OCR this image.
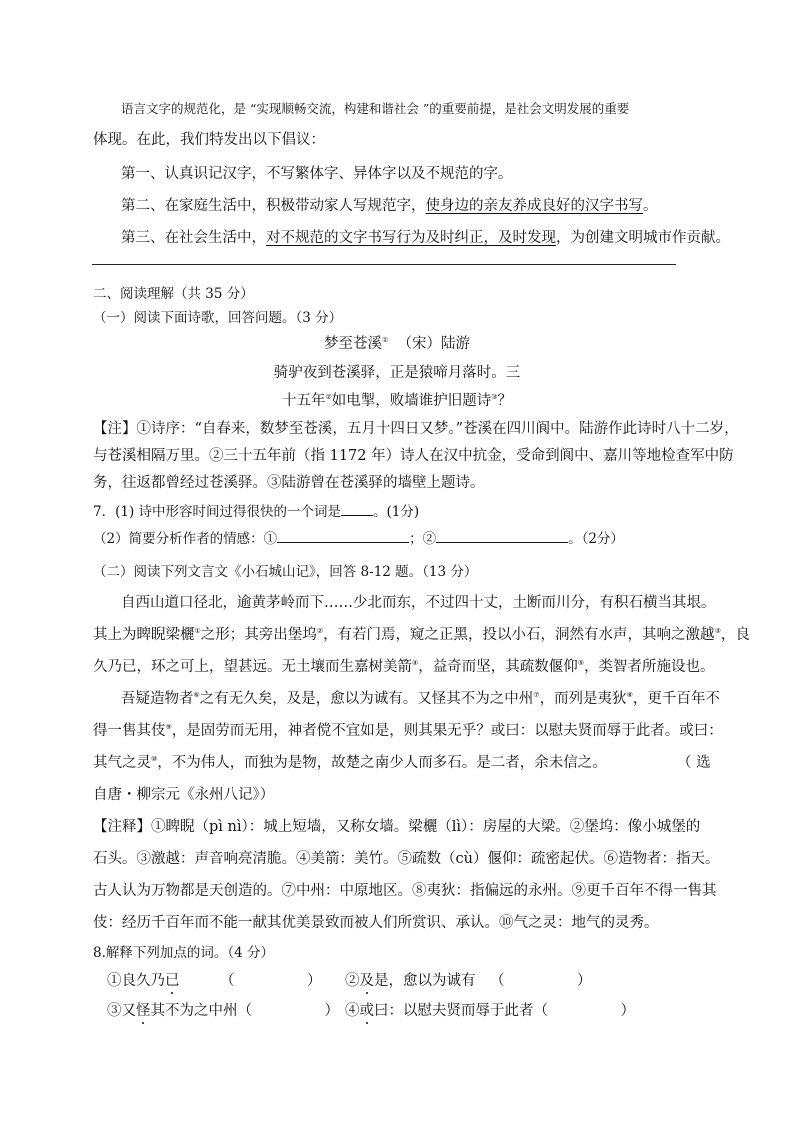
语言文字的规范化，是 “实现顺畅交流，构建和谐社会 ”的重要前提，是社会文明发展的重要
体现。在此，我们特发出以下倡议：
第一、认真识记汉字，不写繁体字、异体字以及不规范的字。
第二、在家庭生活中，积极带动家人写规范字，使身边的亲友养成良好的汉字书写。
第三、在社会生活中，对不规范的文字书写行为及时纠正，及时发现，为创建文明城市作贡献。
二、阅读理解（共 35 分）
（一）阅读下面诗歌，回答问题。（3 分）
梦至苍溪① （宋）陆游
骑驴夜到苍溪驿，正是猿啼月落时。三
十五年②如电掣，败墙谁护旧题诗③？
【注】①诗序：“自春来，数梦至苍溪，五月十四日又梦。”苍溪在四川阆中。陆游作此诗时八十二岁，
与苍溪相隔万里。②三十五年前（指 1172 年）诗人在汉中抗金，受命到阆中、嘉川等地检查军中防
务，往返都曾经过苍溪驿。③陆游曾在苍溪驿的墙壁上题诗。
7．(1) 诗中形容时间过得很快的一个词是 。(1分)
（2）简要分析作者的情感：①	；②	。（2分）
（二）阅读下列文言文《小石城山记》，回答 8-12 题。（13 分）
自西山道口径北，逾黄茅岭而下……少北而东，不过四十丈，土断而川分，有积石横当其垠。
其上为睥睨梁欐①之形；其旁出堡坞②，有若门焉，窥之正黑，投以小石，洞然有水声，其响之激越③，良
久乃已，环之可上，望甚远。无土壤而生嘉树美箭④，益奇而坚，其疏数偃仰⑤，类智者所施设也。
吾疑造物者⑥之有无久矣，及是，愈以为诚有。又怪其不为之中州⑦，而列是夷狄⑧，更千百年不
得一售其伎⑨，是固劳而无用，神者傥不宜如是，则其果无乎？或曰：以慰夫贤而辱于此者。或曰：
其气之灵⑩，不为伟人，而独为是物，故楚之南少人而多石。是二者，余未信之。	（ 选
自唐・柳宗元《永州八记》）
【注释】①睥睨（pì nì）：城上短墙，又称女墙。梁欐（lì）：房屋的大梁。②堡坞：像小城堡的
石头。③激越：声音响亮清脆。④美箭：美竹。⑤疏数（cù）偃仰：疏密起伏。⑥造物者：指天。
古人认为万物都是天创造的。⑦中州：中原地区。⑧夷狄：指偏远的永州。⑨更千百年不得一售其
伎：经历千百年而不能一献其优美景致而被人们所赏识、承认。⑩气之灵：地气的灵秀。
8.解释下列加点的词。（4 分）
①良久乃已	（　　　　　） ②及是，愈以为诚有 （　　　　　）
③又怪其不为之中州（　　　　　） ④或曰：以慰夫贤而辱于此者（　　　　　）
